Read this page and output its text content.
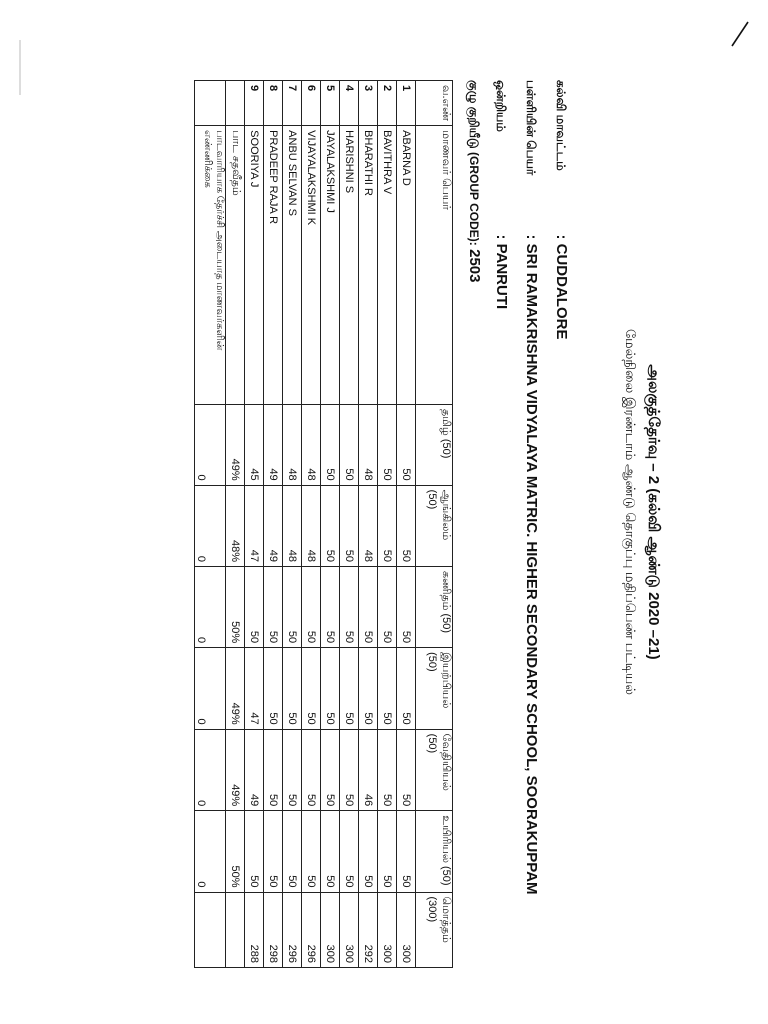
அலகுத்தேர்வு – 2 (கல்வி ஆண்டு 2020 –21)
மேல்நிலை இரண்டாம் ஆண்டு தொகுப்பு மதிப்பெண் பட்டியல்
கல்வி மாவட்டம் : CUDDALORE
பள்ளியின் பெயர் : SRI RAMAKRISHNA VIDYALAYA MATRIC. HIGHER SECONDARY SCHOOL, SOORAKUPPAM
ஒன்றியம் : PANRUTI
குழு குறியீடு (GROUP CODE): 2503
வ.எண்	மாணவர் பெயர்	தமிழ் (50)	ஆங்கிலம் (50)	கணிதம் (50)	இயற்பியல் (50)	வேதியியல் (50)	உயிரியல் (50)	மொத்தம் (300)
1	ABARNA D	50	50	50	50	50	50	300
2	BAVITHRA V	50	50	50	50	50	50	300
3	BHARATHI R	48	48	50	50	46	50	292
4	HARISHNI S	50	50	50	50	50	50	300
5	JAYALAKSHMI J	50	50	50	50	50	50	300
6	VIJAYALAKSHMI K	48	48	50	50	50	50	296
7	ANBU SELVAN S	48	48	50	50	50	50	296
8	PRADEEP RAJA R	49	49	50	50	50	50	298
9	SOORIYA J	45	47	50	47	49	50	288
	பாட சதவீதம்	49%	48%	50%	49%	49%	50%	
	பாடவாரியாக தேர்ச்சி அடையாத மாணவர்களின் எண்ணிக்கை	0	0	0	0	0	0	
